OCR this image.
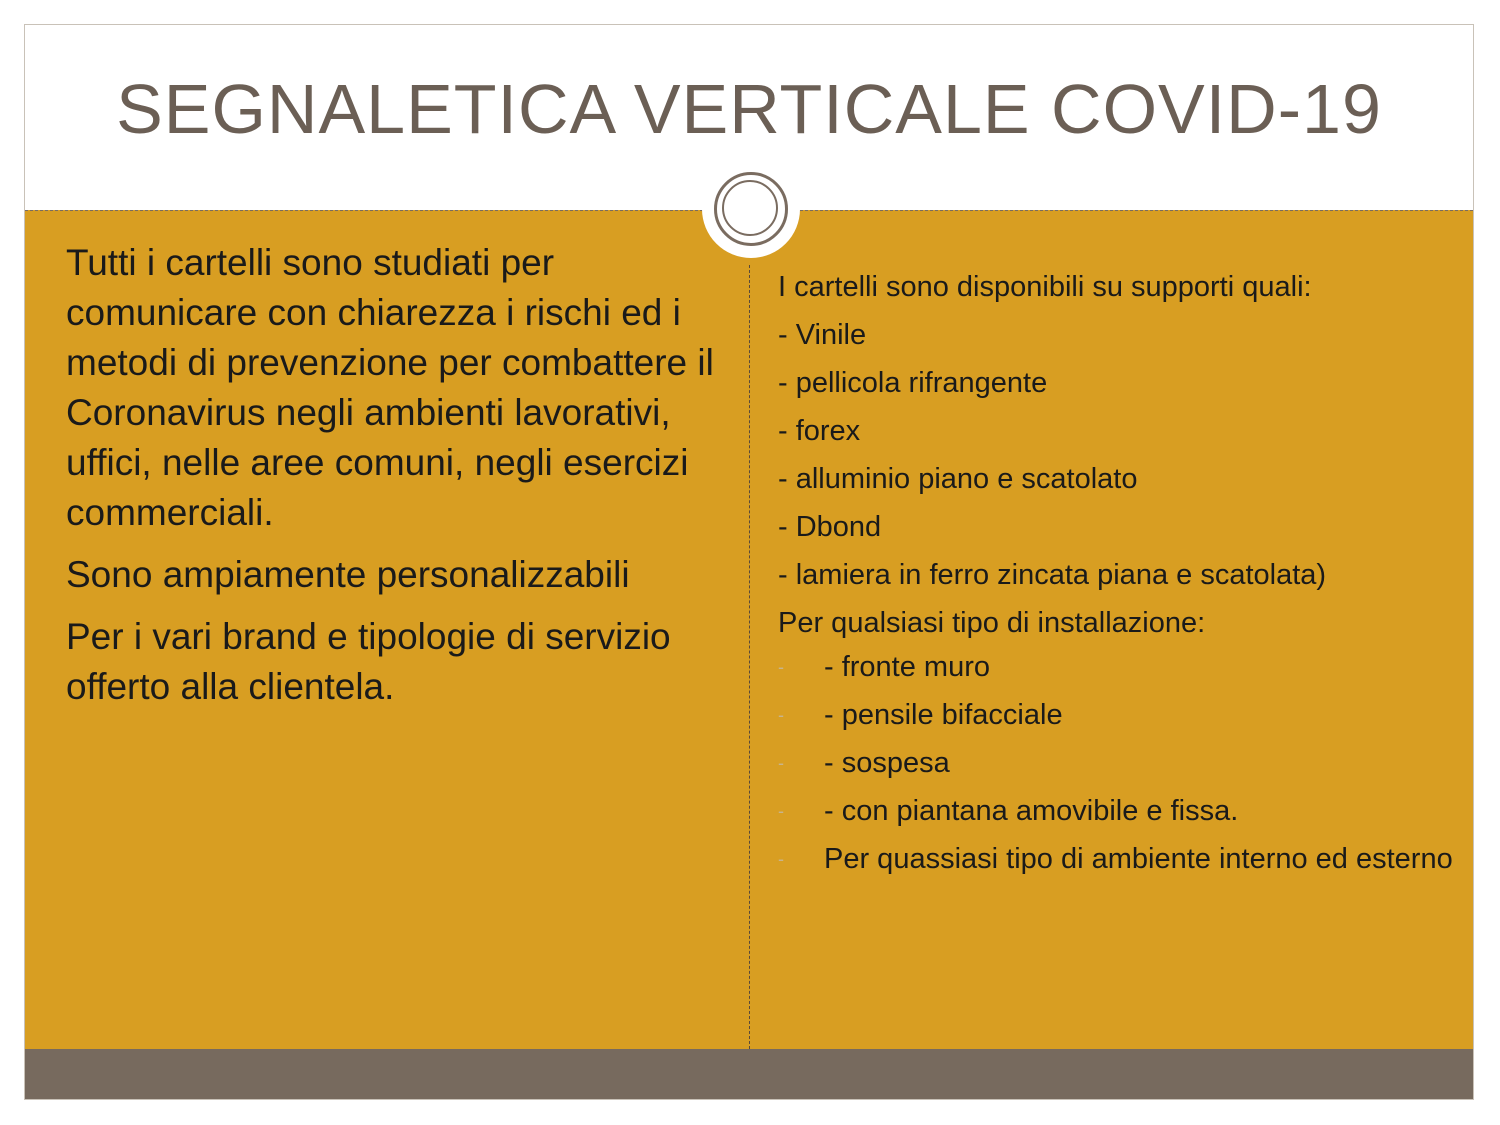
SEGNALETICA VERTICALE COVID-19

Tutti i cartelli sono studiati per comunicare con chiarezza i rischi ed i metodi di prevenzione per combattere il Coronavirus negli ambienti lavorativi, uffici, nelle aree comuni, negli esercizi commerciali.

Sono ampiamente personalizzabili

Per i vari brand e tipologie di servizio offerto alla clientela.

I cartelli sono disponibili su supporti quali:
- Vinile
- pellicola rifrangente
- forex
- alluminio piano e scatolato
- Dbond
- lamiera in ferro zincata piana e scatolata)
Per qualsiasi tipo di installazione:
- - fronte muro
- - pensile bifacciale
- - sospesa
- - con piantana amovibile e fissa.
- Per quassiasi tipo di ambiente interno ed esterno
